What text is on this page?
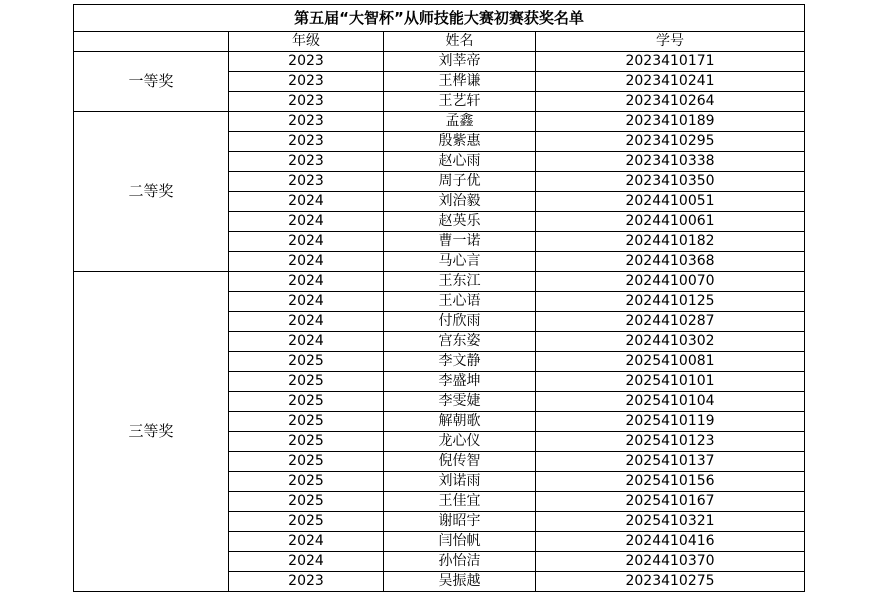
第五届“大智杯”从师技能大赛初赛获奖名单			
	年级	姓名	学号
一等奖	2023	刘莘帝	2023410171
	2023	王桦谦	2023410241
	2023	王艺轩	2023410264
二等奖	2023	孟鑫	2023410189
	2023	殷紫惠	2023410295
	2023	赵心雨	2023410338
	2023	周子优	2023410350
	2024	刘治毅	2024410051
	2024	赵英乐	2024410061
	2024	曹一诺	2024410182
	2024	马心言	2024410368
三等奖	2024	王东江	2024410070
	2024	王心语	2024410125
	2024	付欣雨	2024410287
	2024	宫东姿	2024410302
	2025	李文静	2025410081
	2025	李盛坤	2025410101
	2025	李雯婕	2025410104
	2025	解朝歌	2025410119
	2025	龙心仪	2025410123
	2025	倪传智	2025410137
	2025	刘诺雨	2025410156
	2025	王佳宜	2025410167
	2025	谢昭宇	2025410321
	2024	闫怡帆	2024410416
	2024	孙怡洁	2024410370
	2023	吴振越	2023410275
